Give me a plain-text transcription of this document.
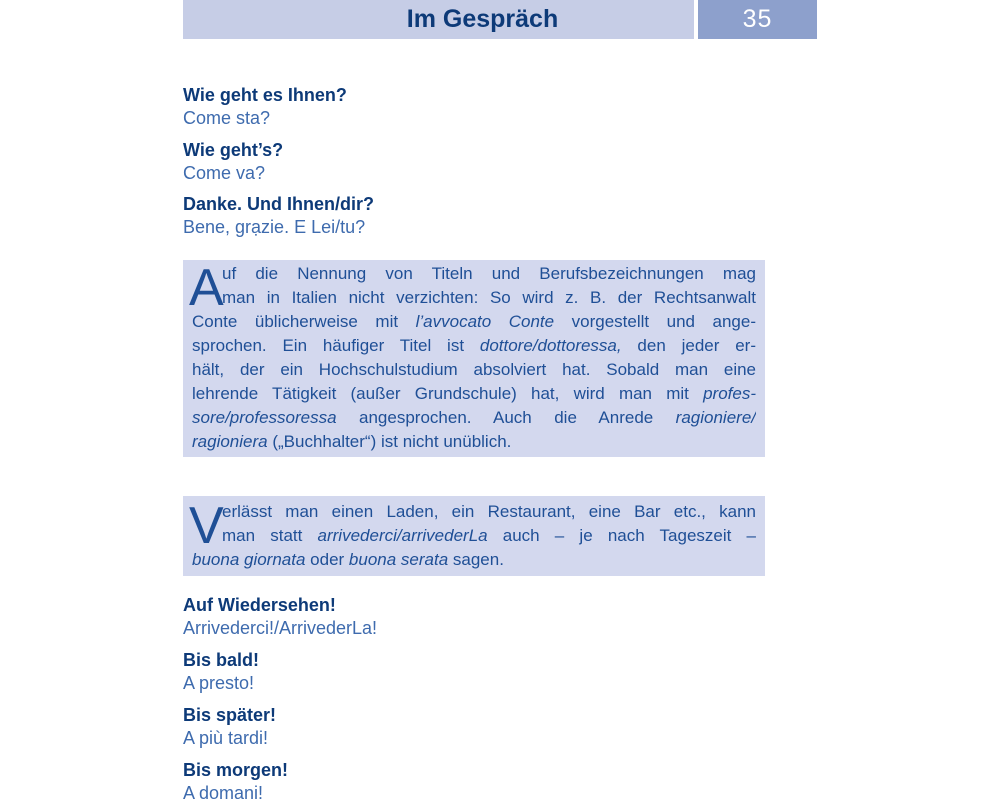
Im Gespräch	35
Wie geht es Ihnen?
Come sta?
Wie geht’s?
Come va?
Danke. Und Ihnen/dir?
Bene, grạzie. E Lei/tu?
A
uf die Nennung von Titeln und Berufsbezeichnungen mag
man in Italien nicht verzichten: So wird z. B. der Rechtsanwalt
Conte üblicherweise mit l’avvocato Conte vorgestellt und ange-
sprochen. Ein häufiger Titel ist dottore/dottoressa, den jeder er-
hält, der ein Hochschulstudium absolviert hat. Sobald man eine
lehrende Tätigkeit (außer Grundschule) hat, wird man mit profes-
sore/professoressa angesprochen. Auch die Anrede ragioniere/
ragioniera („Buchhalter“) ist nicht unüblich.
V
erlässt man einen Laden, ein Restaurant, eine Bar etc., kann
man statt arrivederci/arrivederLa auch – je nach Tageszeit –
buona giornata oder buona serata sagen.
Auf Wiedersehen!
Arrivederci!/ArrivederLa!
Bis bald!
A presto!
Bis später!
A più tardi!
Bis morgen!
A domani!
